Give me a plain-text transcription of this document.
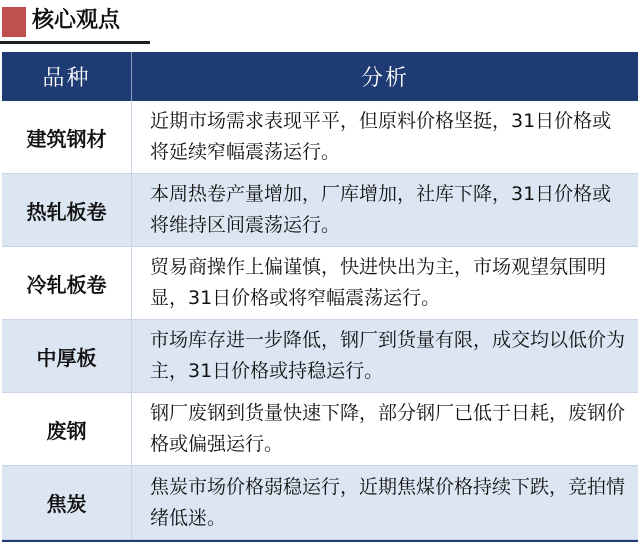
核心观点
品种	分析
建筑钢材
近期市场需求表现平平，但原料价格坚挺，31日价格或将延续窄幅震荡运行。
热轧板卷
本周热卷产量增加，厂库增加，社库下降，31日价格或将维持区间震荡运行。
冷轧板卷
贸易商操作上偏谨慎，快进快出为主，市场观望氛围明显，31日价格或将窄幅震荡运行。
中厚板
市场库存进一步降低，钢厂到货量有限，成交均以低价为主，31日价格或持稳运行。
废钢
钢厂废钢到货量快速下降，部分钢厂已低于日耗，废钢价格或偏强运行。
焦炭
焦炭市场价格弱稳运行，近期焦煤价格持续下跌，竞拍情绪低迷。
